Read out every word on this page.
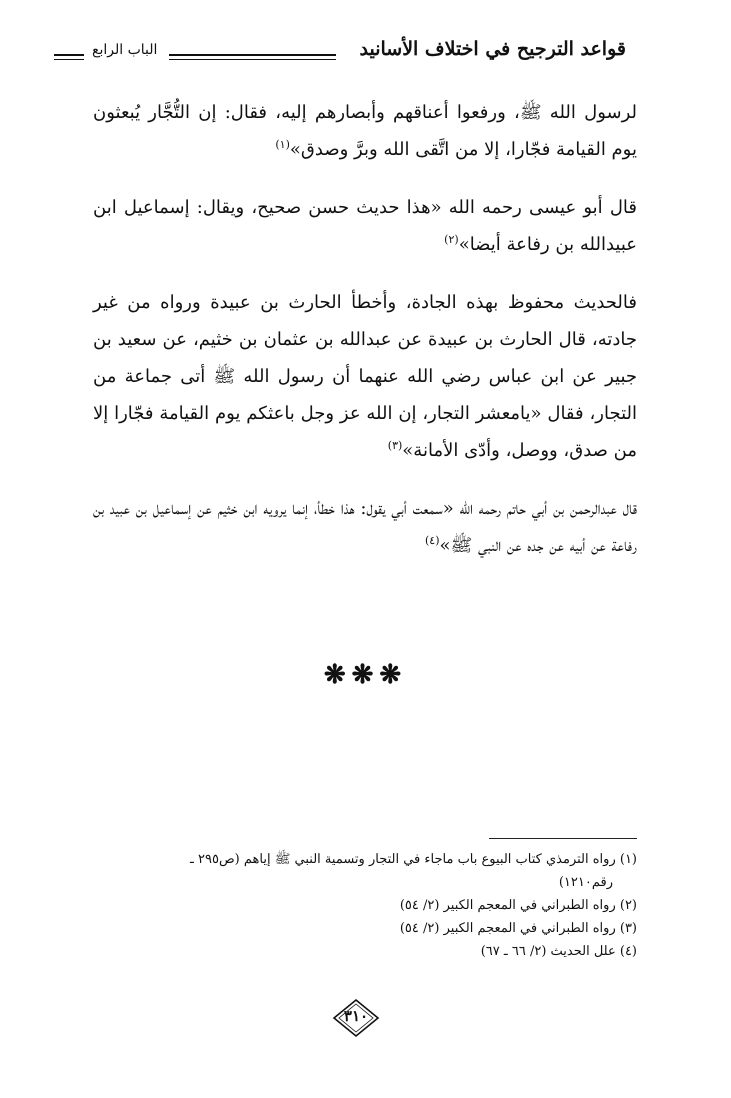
قواعد الترجيح في اختلاف الأسانيد
الباب الرابع

لرسول الله ﷺ، ورفعوا أعناقهم وأبصارهم إليه، فقال: إن التُّجَّار يُبعثون يوم القيامة فجّارا، إلا من اتَّقى الله وبرَّ وصدق»$^{(١)}$

قال أبو عيسى رحمه الله «هذا حديث حسن صحيح، ويقال: إسماعيل ابن عبيدالله بن رفاعة أيضا»$^{(٢)}$

فالحديث محفوظ بهذه الجادة، وأخطأ الحارث بن عبيدة ورواه من غير جادته، قال الحارث بن عبيدة عن عبدالله بن عثمان بن خثيم، عن سعيد بن جبير عن ابن عباس رضي الله عنهما أن رسول الله ﷺ أتى جماعة من التجار، فقال «يامعشر التجار، إن الله عز وجل باعثكم يوم القيامة فجّارا إلا من صدق، ووصل، وأدّى الأمانة»$^{(٣)}$

قال عبدالرحمن بن أبي حاتم رحمه الله «سمعت أبي يقول: هذا خطأ، إنما يرويه ابن خثيم عن إسماعيل بن عبيد بن رفاعة عن أبيه عن جده عن النبي ﷺ»$^{(٤)}$

❋❋❋
(١) رواه الترمذي كتاب البيوع باب ماجاء في التجار وتسمية النبي ﷺ إياهم (ص٢٩٥ ـ
رقم١٢١٠)
(٢) رواه الطبراني في المعجم الكبير (٢/ ٥٤)
(٣) رواه الطبراني في المعجم الكبير (٢/ ٥٤)
(٤) علل الحديث (٢/ ٦٦ ـ ٦٧)
٣١٠
